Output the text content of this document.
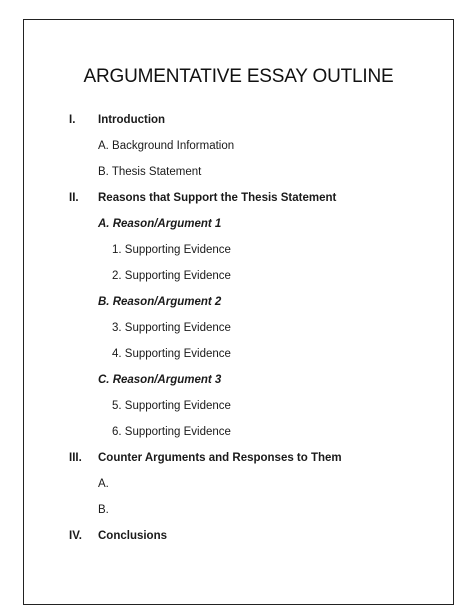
ARGUMENTATIVE ESSAY OUTLINE
I. Introduction
A. Background Information
B. Thesis Statement
II. Reasons that Support the Thesis Statement
A. Reason/Argument 1
1. Supporting Evidence
2. Supporting Evidence
B. Reason/Argument 2
3. Supporting Evidence
4. Supporting Evidence
C. Reason/Argument 3
5. Supporting Evidence
6. Supporting Evidence
III. Counter Arguments and Responses to Them
A.
B.
IV. Conclusions
